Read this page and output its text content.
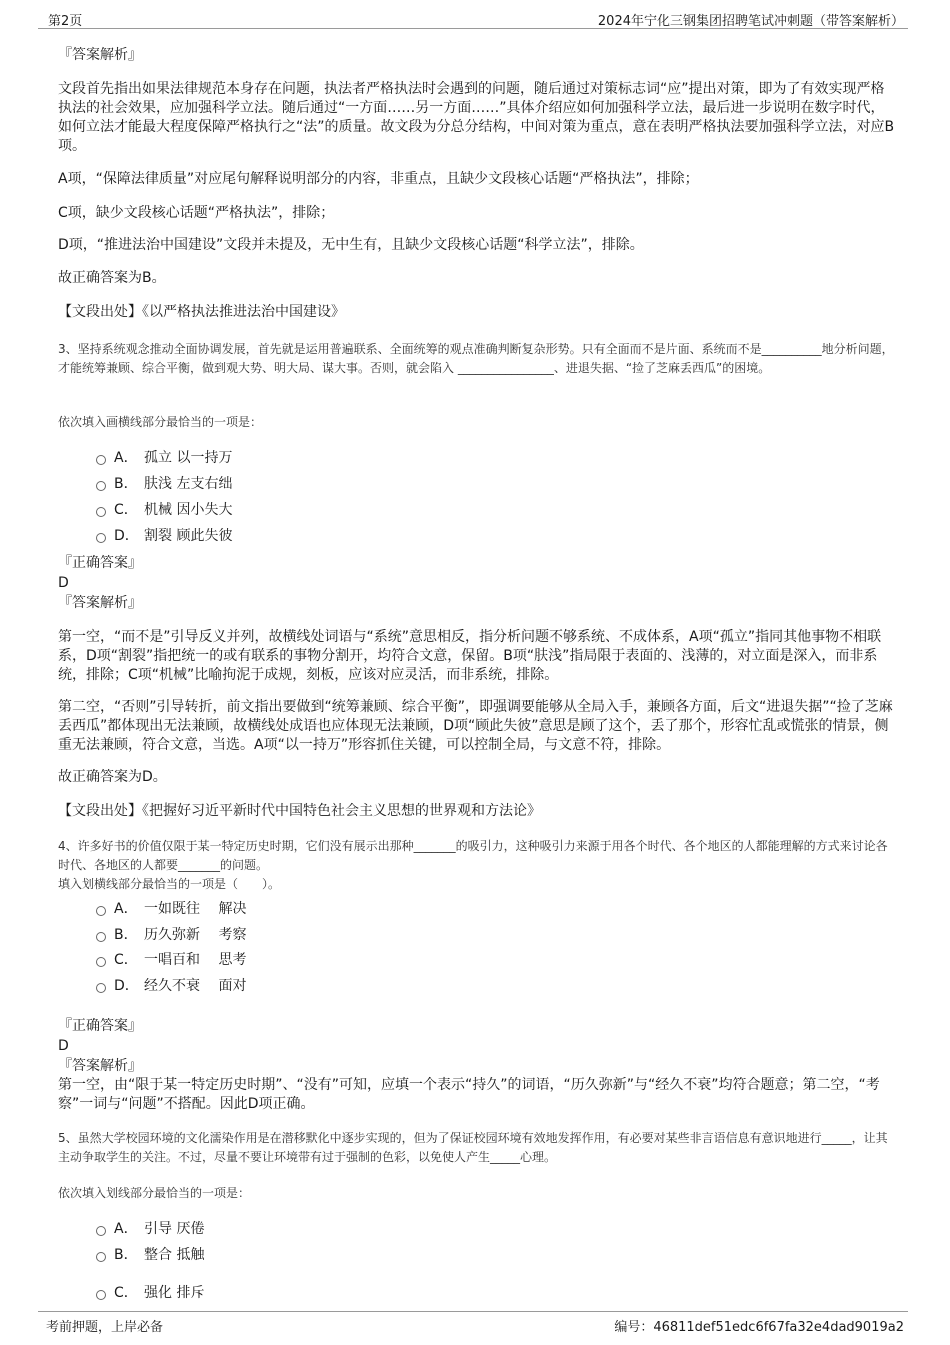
第2页	2024年宁化三钢集团招聘笔试冲刺题（带答案解析）
『答案解析』
文段首先指出如果法律规范本身存在问题，执法者严格执法时会遇到的问题，随后通过对策标志词“应”提出对策，即为了有效实现严格执法的社会效果，应加强科学立法。随后通过“一方面……另一方面……”具体介绍应如何加强科学立法，最后进一步说明在数字时代，如何立法才能最大程度保障严格执行之“法”的质量。故文段为分总分结构，中间对策为重点，意在表明严格执法要加强科学立法，对应B项。
A项，“保障法律质量”对应尾句解释说明部分的内容，非重点，且缺少文段核心话题“严格执法”，排除；
C项，缺少文段核心话题“严格执法”，排除；
D项，“推进法治中国建设”文段并未提及，无中生有，且缺少文段核心话题“科学立法”，排除。
故正确答案为B。
【文段出处】《以严格执法推进法治中国建设》
3、坚持系统观念推动全面协调发展，首先就是运用普遍联系、全面统筹的观点准确判断复杂形势。只有全面而不是片面、系统而不是__________地分析问题，才能统筹兼顾、综合平衡，做到观大势、明大局、谋大事。否则，就会陷入 ________________、进退失据、“捡了芝麻丢西瓜”的困境。
依次填入画横线部分最恰当的一项是：
A． 孤立 以一持万
B． 肤浅 左支右绌
C． 机械 因小失大
D． 割裂 顾此失彼
『正确答案』
D
『答案解析』
第一空，“而不是”引导反义并列，故横线处词语与“系统”意思相反，指分析问题不够系统、不成体系，A项“孤立”指同其他事物不相联系，D项“割裂”指把统一的或有联系的事物分割开，均符合文意，保留。B项“肤浅”指局限于表面的、浅薄的，对立面是深入，而非系统，排除；C项“机械”比喻拘泥于成规，刻板，应该对应灵活，而非系统，排除。
第二空，“否则”引导转折，前文指出要做到“统筹兼顾、综合平衡”，即强调要能够从全局入手，兼顾各方面，后文“进退失据”“捡了芝麻丢西瓜”都体现出无法兼顾，故横线处成语也应体现无法兼顾，D项“顾此失彼”意思是顾了这个，丢了那个，形容忙乱或慌张的情景，侧重无法兼顾，符合文意，当选。A项“以一持万”形容抓住关键，可以控制全局，与文意不符，排除。
故正确答案为D。
【文段出处】《把握好习近平新时代中国特色社会主义思想的世界观和方法论》
4、许多好书的价值仅限于某一特定历史时期，它们没有展示出那种_______的吸引力，这种吸引力来源于用各个时代、各个地区的人都能理解的方式来讨论各时代、各地区的人都要_______的问题。
填入划横线部分最恰当的一项是（　　）。
A． 一如既往　 解决
B． 历久弥新　 考察
C． 一唱百和　 思考
D． 经久不衰　 面对
『正确答案』
D
『答案解析』
第一空，由“限于某一特定历史时期”、“没有”可知，应填一个表示“持久”的词语，“历久弥新”与“经久不衰”均符合题意；第二空，“考察”一词与“问题”不搭配。因此D项正确。
5、虽然大学校园环境的文化濡染作用是在潜移默化中逐步实现的，但为了保证校园环境有效地发挥作用，有必要对某些非言语信息有意识地进行_____，让其主动争取学生的关注。不过，尽量不要让环境带有过于强制的色彩，以免使人产生_____心理。
依次填入划线部分最恰当的一项是：
A． 引导 厌倦
B． 整合 抵触
C． 强化 排斥
考前押题，上岸必备	编号：46811def51edc6f67fa32e4dad9019a2
